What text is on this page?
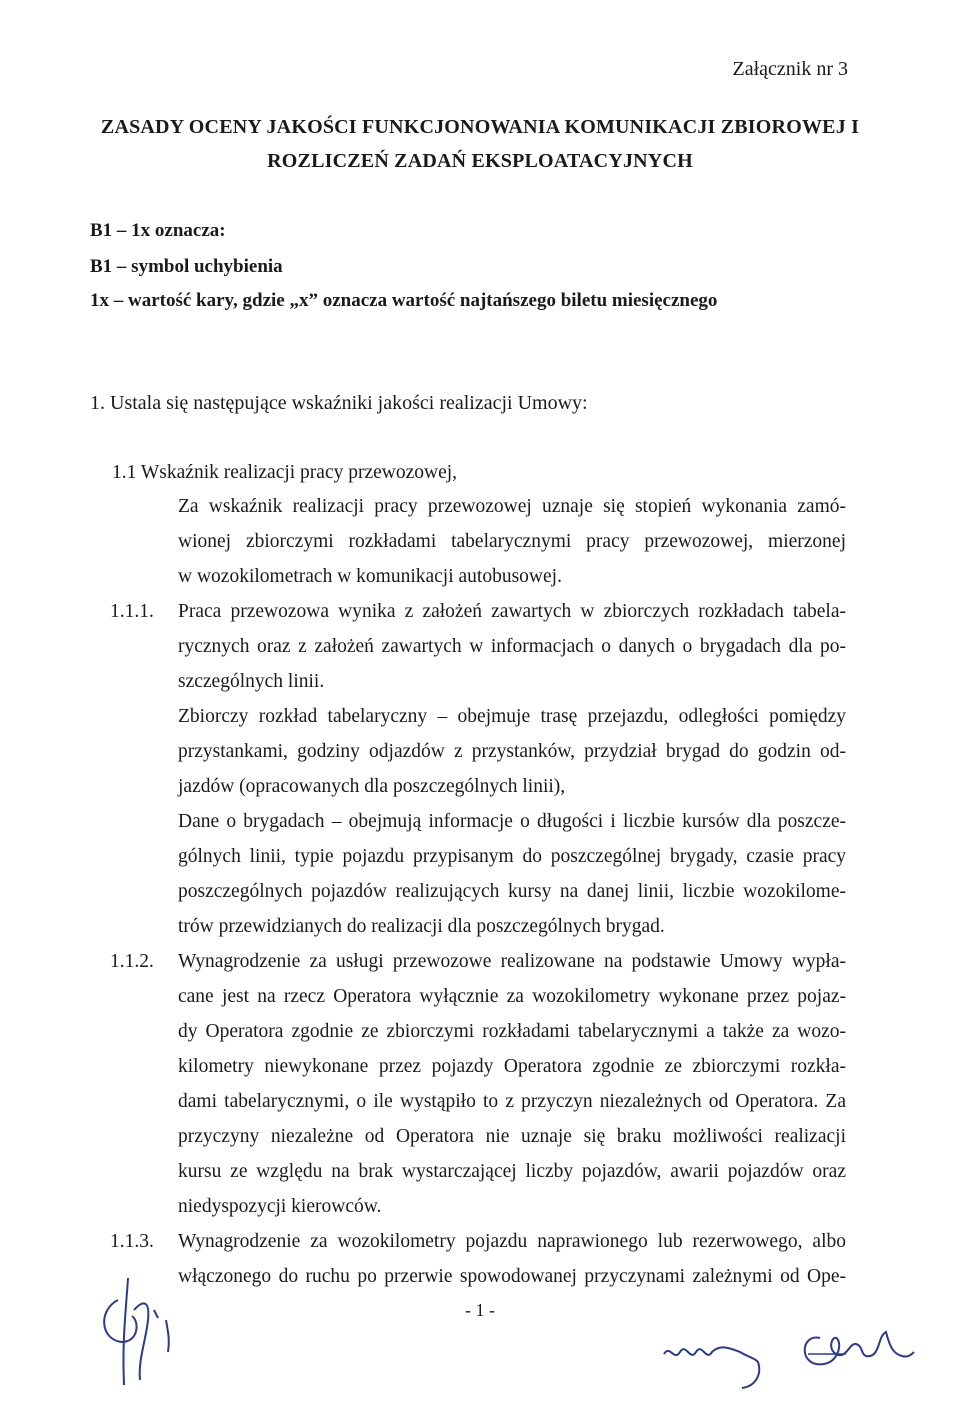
Załącznik nr 3
ZASADY OCENY JAKOŚCI FUNKCJONOWANIA KOMUNIKACJI ZBIOROWEJ I
ROZLICZEŃ ZADAŃ EKSPLOATACYJNYCH
B1 – 1x oznacza:
B1 – symbol uchybienia
1x – wartość kary, gdzie „x” oznacza wartość najtańszego biletu miesięcznego
1. Ustala się następujące wskaźniki jakości realizacji Umowy:
1.1 Wskaźnik realizacji pracy przewozowej,
Za wskaźnik realizacji pracy przewozowej uznaje się stopień wykonania zamó-
wionej zbiorczymi rozkładami tabelarycznymi pracy przewozowej, mierzonej
w wozokilometrach w komunikacji autobusowej.
1.1.1. Praca przewozowa wynika z założeń zawartych w zbiorczych rozkładach tabela-
rycznych oraz z założeń zawartych w informacjach o danych o brygadach dla po-
szczególnych linii.
Zbiorczy rozkład tabelaryczny – obejmuje trasę przejazdu, odległości pomiędzy
przystankami, godziny odjazdów z przystanków, przydział brygad do godzin od-
jazdów (opracowanych dla poszczególnych linii),
Dane o brygadach – obejmują informacje o długości i liczbie kursów dla poszcze-
gólnych linii, typie pojazdu przypisanym do poszczególnej brygady, czasie pracy
poszczególnych pojazdów realizujących kursy na danej linii, liczbie wozokilome-
trów przewidzianych do realizacji dla poszczególnych brygad.
1.1.2. Wynagrodzenie za usługi przewozowe realizowane na podstawie Umowy wypła-
cane jest na rzecz Operatora wyłącznie za wozokilometry wykonane przez pojaz-
dy Operatora zgodnie ze zbiorczymi rozkładami tabelarycznymi a także za wozo-
kilometry niewykonane przez pojazdy Operatora zgodnie ze zbiorczymi rozkła-
dami tabelarycznymi, o ile wystąpiło to z przyczyn niezależnych od Operatora. Za
przyczyny niezależne od Operatora nie uznaje się braku możliwości realizacji
kursu ze względu na brak wystarczającej liczby pojazdów, awarii pojazdów oraz
niedyspozycji kierowców.
1.1.3. Wynagrodzenie za wozokilometry pojazdu naprawionego lub rezerwowego, albo
włączonego do ruchu po przerwie spowodowanej przyczynami zależnymi od Ope-
- 1 -
